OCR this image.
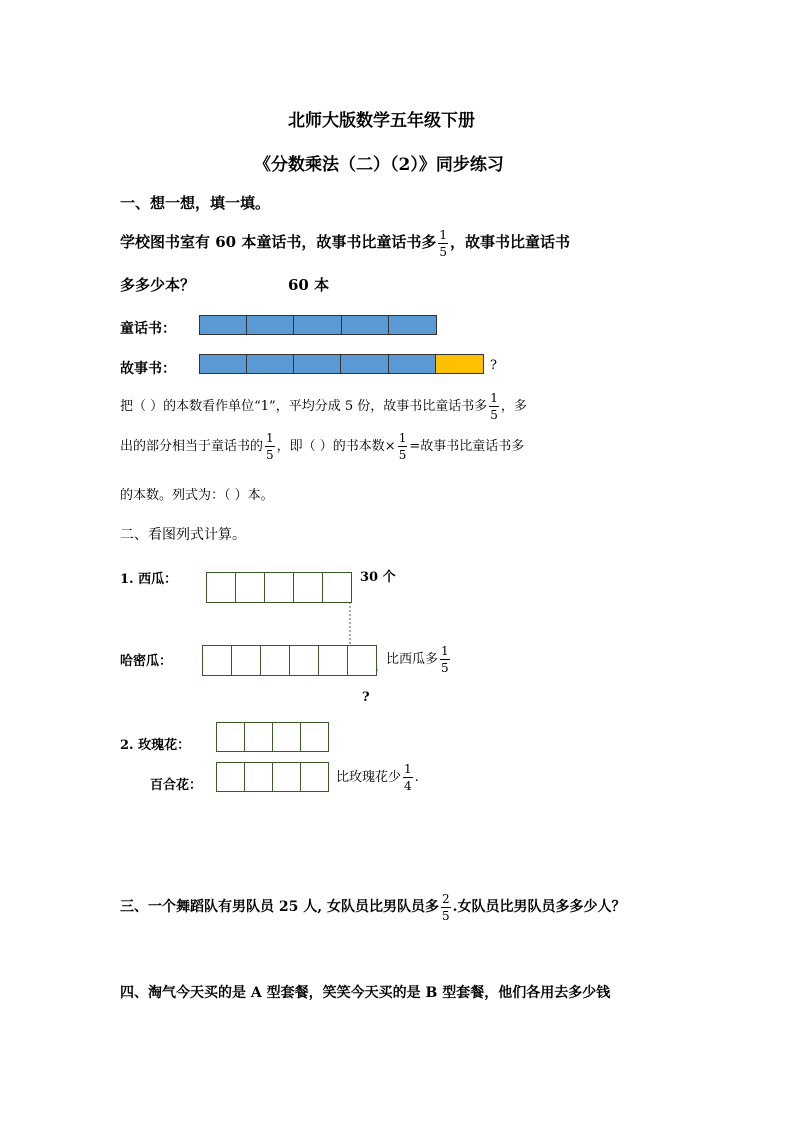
北师大版数学五年级下册
《分数乘法（二）（2）》同步练习
一、想一想，填一填。
学校图书室有 60 本童话书，故事书比童话书多 $\frac{1}{5}$ ，故事书比童话书
多多少本？	60 本
童话书：
故事书：	?
把（ ）的本数看作单位“1”，平均分成 5 份，故事书比童话书多 $\frac{1}{5}$ ，多
出的部分相当于童话书的 $\frac{1}{5}$ ，即（ ）的书本数× $\frac{1}{5}$ =故事书比童话书多
的本数。列式为：（ ）本。
二、看图列式计算。
1. 西瓜：	30 个
哈密瓜：	比西瓜多 $\frac{1}{5}$
?
2. 玫瑰花：
百合花：
比玫瑰花少 $\frac{1}{4}$ .
三、一个舞蹈队有男队员 25 人, 女队员比男队员多 $\frac{2}{5}$ .女队员比男队员多多少人？
四、淘气今天买的是 A 型套餐，笑笑今天买的是 B 型套餐，他们各用去多少钱
